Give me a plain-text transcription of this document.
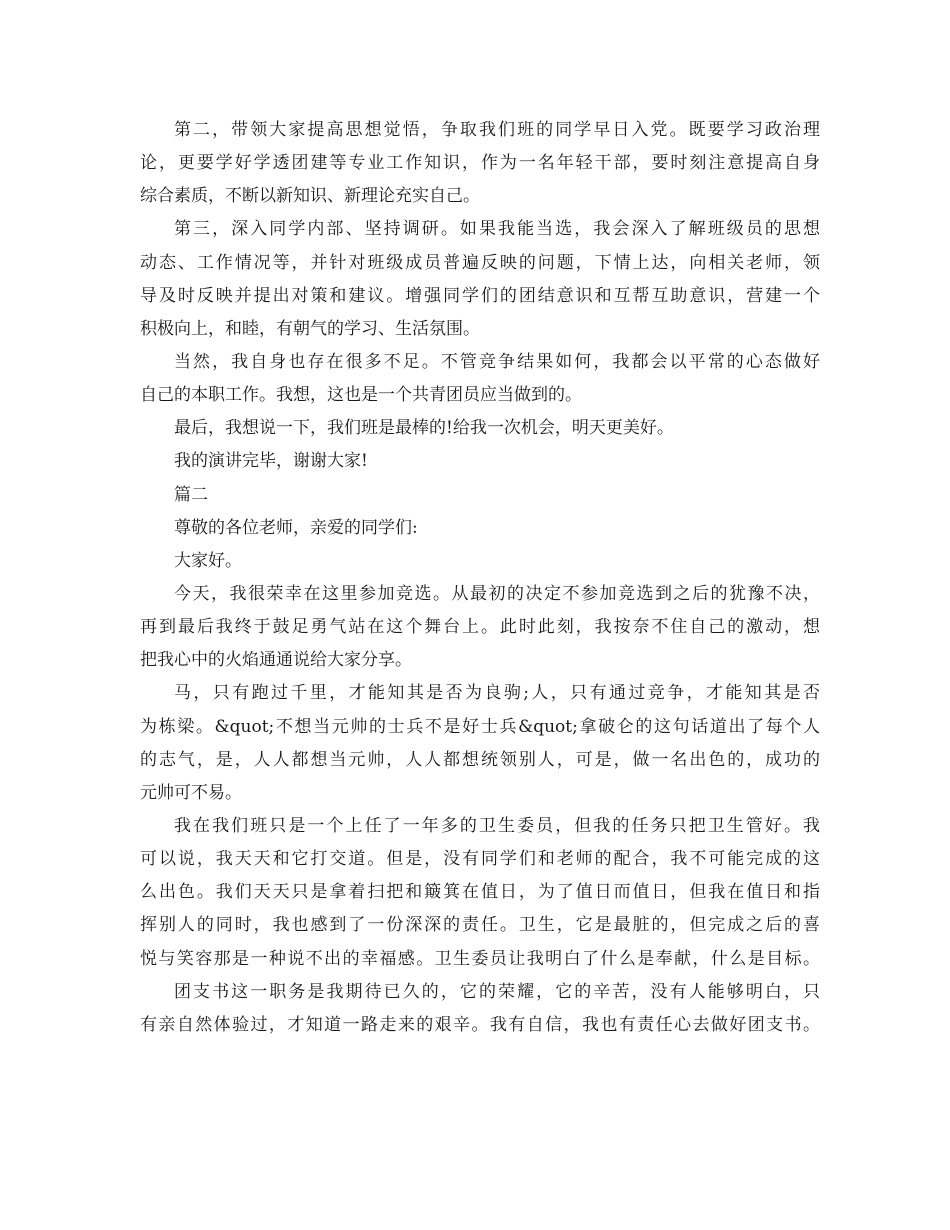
第二，带领大家提高思想觉悟，争取我们班的同学早日入党。既要学习政治理
论，更要学好学透团建等专业工作知识，作为一名年轻干部，要时刻注意提高自身
综合素质，不断以新知识、新理论充实自己。
第三，深入同学内部、坚持调研。如果我能当选，我会深入了解班级员的思想
动态、工作情况等，并针对班级成员普遍反映的问题，下情上达，向相关老师，领
导及时反映并提出对策和建议。增强同学们的团结意识和互帮互助意识，营建一个
积极向上，和睦，有朝气的学习、生活氛围。
当然，我自身也存在很多不足。不管竞争结果如何，我都会以平常的心态做好
自己的本职工作。我想，这也是一个共青团员应当做到的。
最后，我想说一下，我们班是最棒的!给我一次机会，明天更美好。
我的演讲完毕，谢谢大家!
篇二
尊敬的各位老师，亲爱的同学们:
大家好。
今天，我很荣幸在这里参加竞选。从最初的决定不参加竞选到之后的犹豫不决，
再到最后我终于鼓足勇气站在这个舞台上。此时此刻，我按奈不住自己的激动，想
把我心中的火焰通通说给大家分享。
马，只有跑过千里，才能知其是否为良驹;人，只有通过竞争，才能知其是否
为栋梁。&quot;不想当元帅的士兵不是好士兵&quot;拿破仑的这句话道出了每个人
的志气，是，人人都想当元帅，人人都想统领别人，可是，做一名出色的，成功的
元帅可不易。
我在我们班只是一个上任了一年多的卫生委员，但我的任务只把卫生管好。我
可以说，我天天和它打交道。但是，没有同学们和老师的配合，我不可能完成的这
么出色。我们天天只是拿着扫把和簸箕在值日，为了值日而值日，但我在值日和指
挥别人的同时，我也感到了一份深深的责任。卫生，它是最脏的，但完成之后的喜
悦与笑容那是一种说不出的幸福感。卫生委员让我明白了什么是奉献，什么是目标。
团支书这一职务是我期待已久的，它的荣耀，它的辛苦，没有人能够明白，只
有亲自然体验过，才知道一路走来的艰辛。我有自信，我也有责任心去做好团支书。
